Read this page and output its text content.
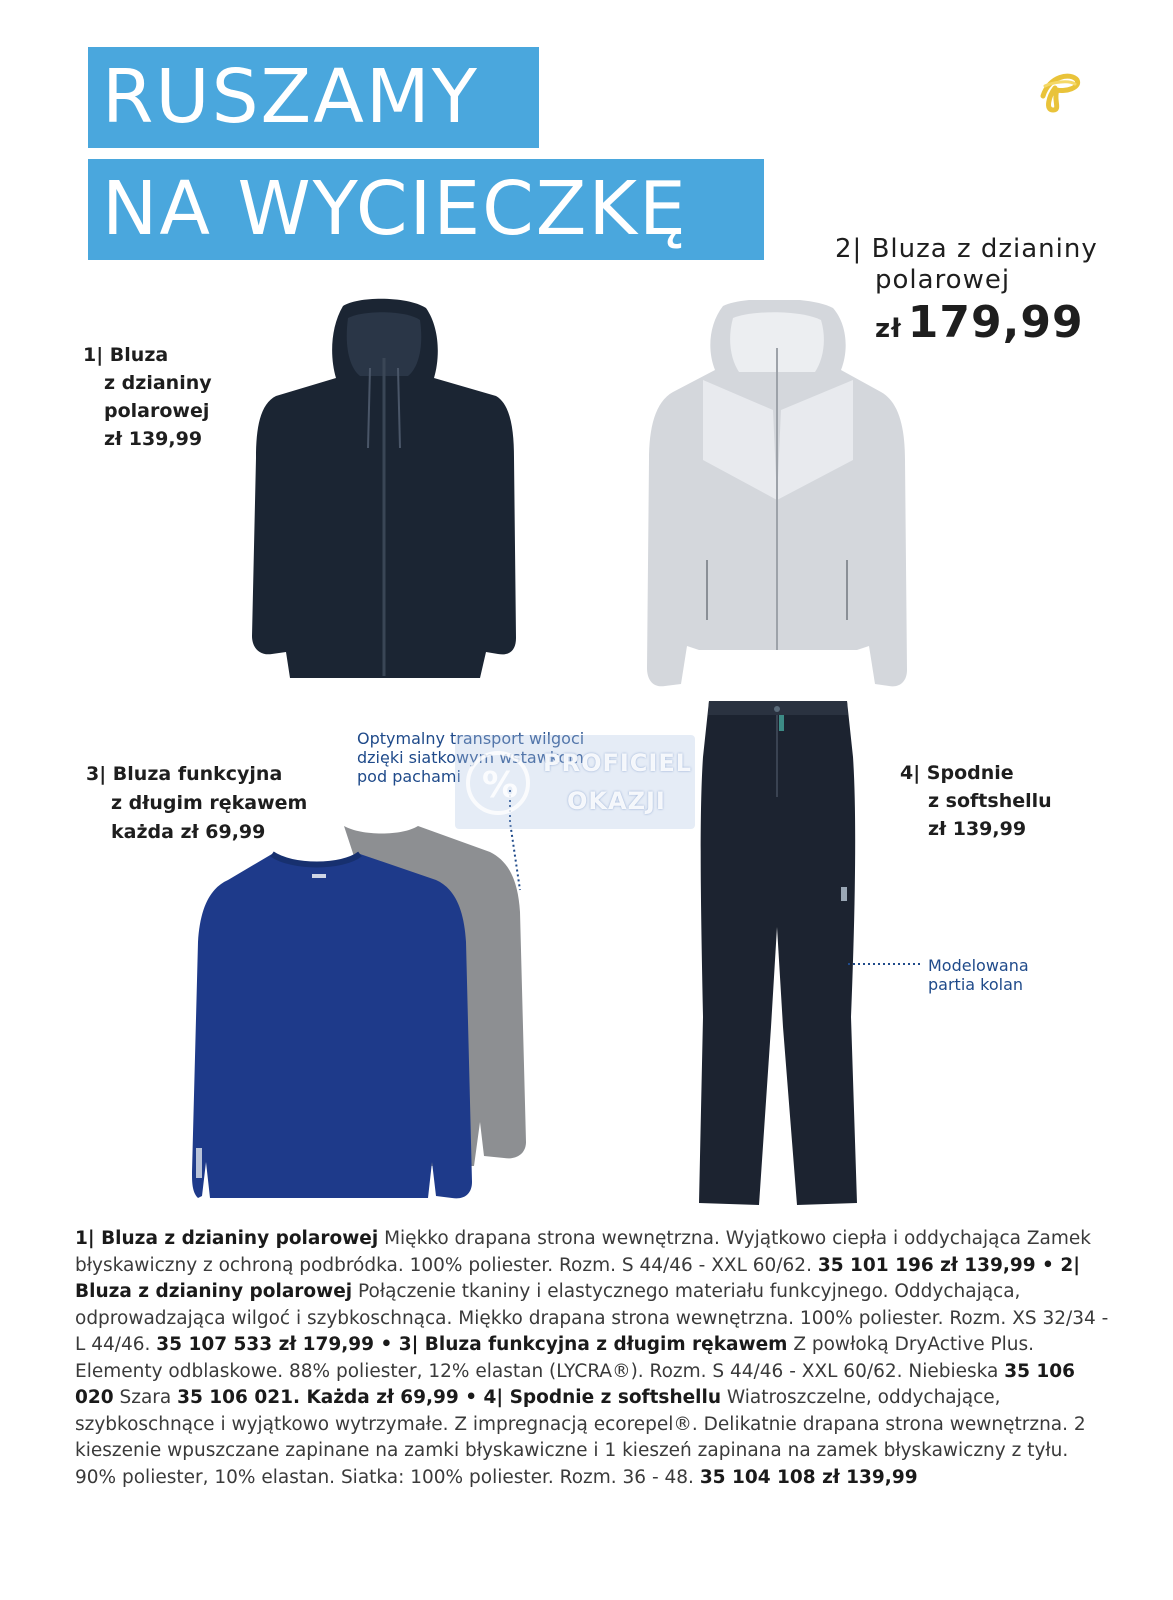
RUSZAMY
NA WYCIECZKĘ
1| Bluza
z dzianiny
polarowej
zł 139,99
2| Bluza z dzianiny
polarowej
zł 179,99
3| Bluza funkcyjna
z długim rękawem
każda zł 69,99
4| Spodnie
z softshellu
zł 139,99
Optymalny transport wilgoci
dzięki siatkowym wstawkom
pod pachami
Modelowana
partia kolan
%
PROFICIEL
OKAZJI
1| Bluza z dzianiny polarowej Miękko drapana strona wewnętrzna. Wyjątkowo ciepła i oddychająca Zamek błyskawiczny z ochroną podbródka. 100% poliester. Rozm. S 44/46 - XXL 60/62. 35 101 196 zł 139,99 • 2| Bluza z dzianiny polarowej Połączenie tkaniny i elastycznego materiału funkcyjnego. Oddychająca, odprowadzająca wilgoć i szybkoschnąca. Miękko drapana strona wewnętrzna. 100% poliester. Rozm. XS 32/34 - L 44/46. 35 107 533 zł 179,99 • 3| Bluza funkcyjna z długim rękawem Z powłoką DryActive Plus. Elementy odblaskowe. 88% poliester, 12% elastan (LYCRA®). Rozm. S 44/46 - XXL 60/62. Niebieska 35 106 020 Szara 35 106 021. Każda zł 69,99 • 4| Spodnie z softshellu Wiatroszczelne, oddychające, szybkoschnące i wyjątkowo wytrzymałe. Z impregnacją ecorepel®. Delikatnie drapana strona wewnętrzna. 2 kieszenie wpuszczane zapinane na zamki błyskawiczne i 1 kieszeń zapinana na zamek błyskawiczny z tyłu. 90% poliester, 10% elastan. Siatka: 100% poliester. Rozm. 36 - 48. 35 104 108 zł 139,99
